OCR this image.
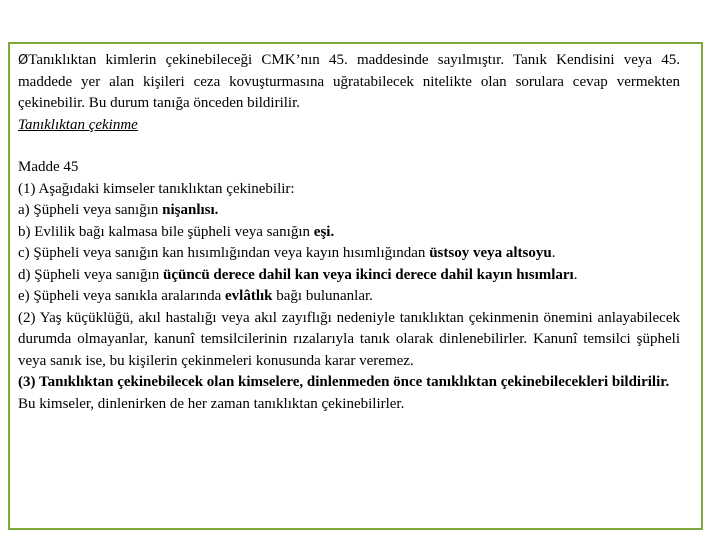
ØTanıklıktan kimlerin çekinebileceği CMK’nın 45. maddesinde sayılmıştır. Tanık Kendisini veya 45. maddede yer alan kişileri ceza kovuşturmasına uğratabilecek nitelikte olan sorulara cevap vermekten çekinebilir. Bu durum tanığa önceden bildirilir.

Tanıklıktan çekinme

Madde 45

(1) Aşağıdaki kimseler tanıklıktan çekinebilir:

a) Şüpheli veya sanığın nişanlısı.

b) Evlilik bağı kalmasa bile şüpheli veya sanığın eşi.

c) Şüpheli veya sanığın kan hısımlığından veya kayın hısımlığından üstsoy veya altsoyu.

d) Şüpheli veya sanığın üçüncü derece dahil kan veya ikinci derece dahil kayın hısımları.

e) Şüpheli veya sanıkla aralarında evlâtlık bağı bulunanlar.

(2) Yaş küçüklüğü, akıl hastalığı veya akıl zayıflığı nedeniyle tanıklıktan çekinmenin önemini anlayabilecek durumda olmayanlar, kanunî temsilcilerinin rızalarıyla tanık olarak dinlenebilirler. Kanunî temsilci şüpheli veya sanık ise, bu kişilerin çekinmeleri konusunda karar veremez.

(3) Tanıklıktan çekinebilecek olan kimselere, dinlenmeden önce tanıklıktan çekinebilecekleri bildirilir. Bu kimseler, dinlenirken de her zaman tanıklıktan çekinebilirler.
